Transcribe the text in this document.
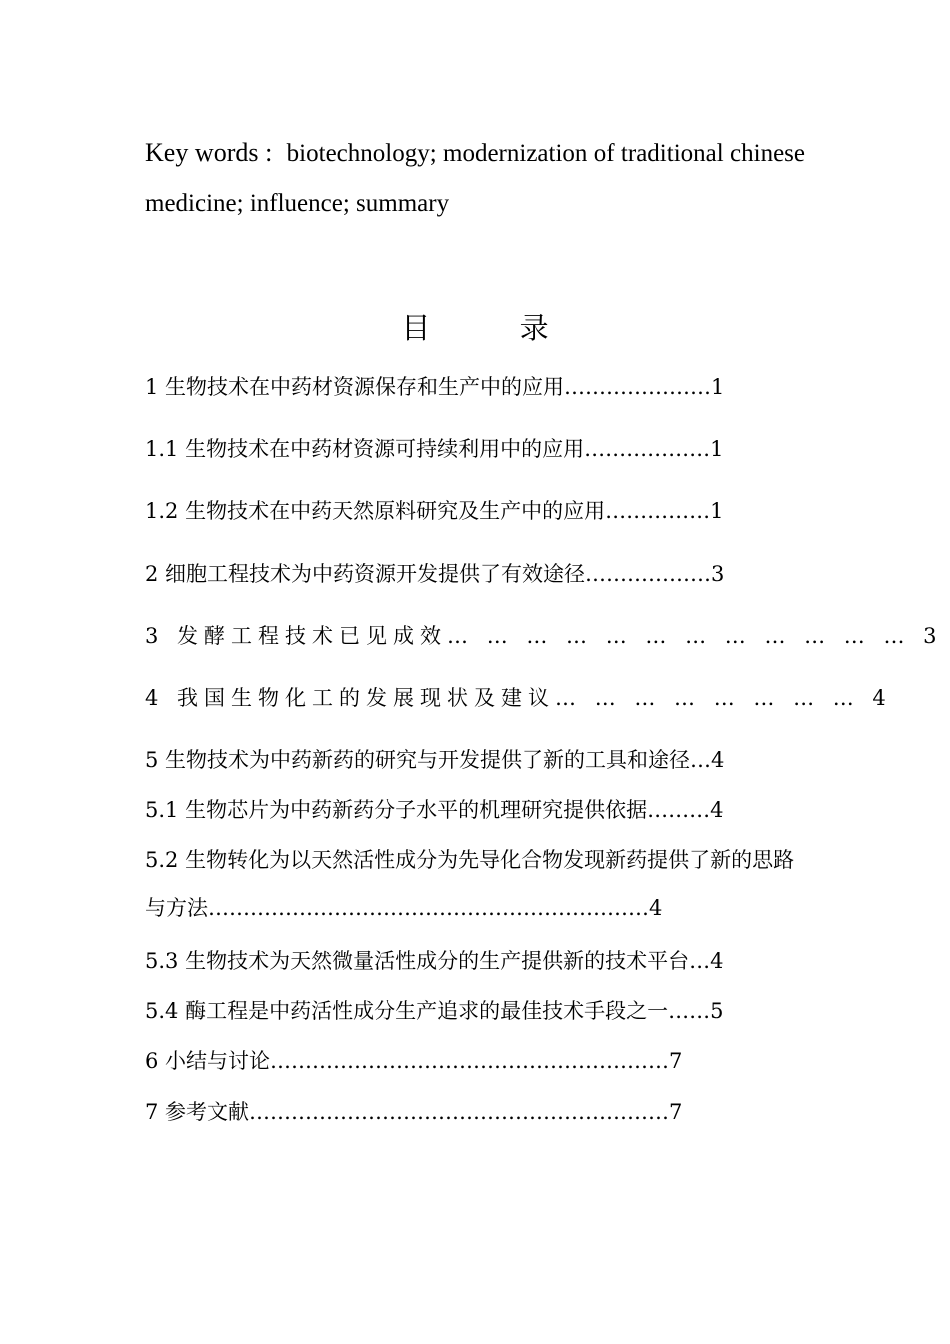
Key words : biotechnology; modernization of traditional chinese medicine; influence; summary
目 录
1 生物技术在中药材资源保存和生产中的应用…………………1
1.1 生物技术在中药材资源可持续利用中的应用………………1
1.2 生物技术在中药天然原料研究及生产中的应用……………1
2 细胞工程技术为中药资源开发提供了有效途径………………3
3 发酵工程技术已见成效… … … … … … … … … … … … 3
4 我国生物化工的发展现状及建议… … … … … … … … 4
5 生物技术为中药新药的研究与开发提供了新的工具和途径…4
5.1 生物芯片为中药新药分子水平的机理研究提供依据………4
5.2 生物转化为以天然活性成分为先导化合物发现新药提供了新的思路与方法………………………………………………………4
5.3 生物技术为天然微量活性成分的生产提供新的技术平台…4
5.4 酶工程是中药活性成分生产追求的最佳技术手段之一……5
6 小结与讨论…………………………………………………7
7 参考文献……………………………………………………7
